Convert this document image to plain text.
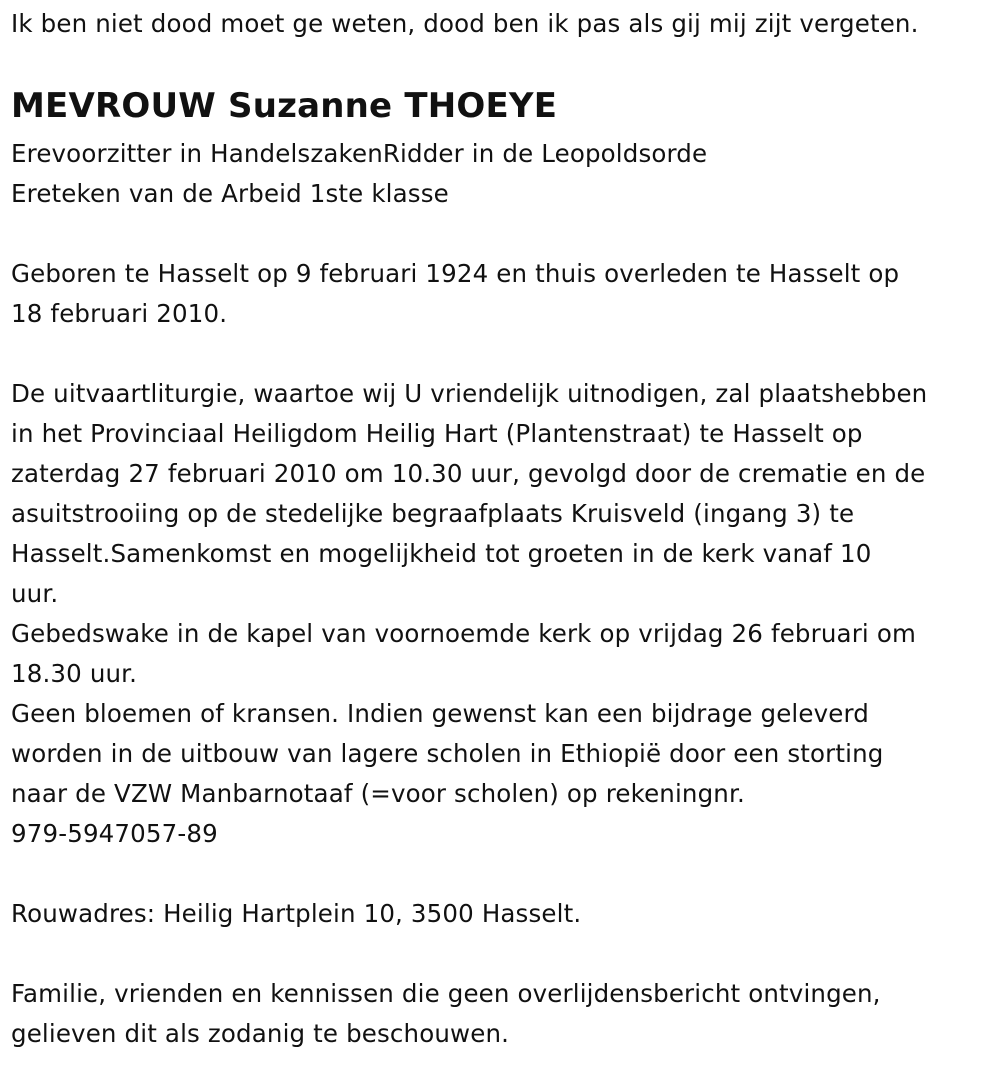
Ik ben niet dood moet ge weten, dood ben ik pas als gij mij zijt vergeten.
MEVROUW Suzanne THOEYE
Erevoorzitter in HandelszakenRidder in de Leopoldsorde
Ereteken van de Arbeid 1ste klasse
Geboren te Hasselt op 9 februari 1924 en thuis overleden te Hasselt op
18 februari 2010.
De uitvaartliturgie, waartoe wij U vriendelijk uitnodigen, zal plaatshebben
in het Provinciaal Heiligdom Heilig Hart (Plantenstraat) te Hasselt op
zaterdag 27 februari 2010 om 10.30 uur, gevolgd door de crematie en de
asuitstrooiing op de stedelijke begraafplaats Kruisveld (ingang 3) te
Hasselt.Samenkomst en mogelijkheid tot groeten in de kerk vanaf 10
uur.
Gebedswake in de kapel van voornoemde kerk op vrijdag 26 februari om
18.30 uur.
Geen bloemen of kransen. Indien gewenst kan een bijdrage geleverd
worden in de uitbouw van lagere scholen in Ethiopië door een storting
naar de VZW Manbarnotaaf (=voor scholen) op rekeningnr.
979-5947057-89
Rouwadres: Heilig Hartplein 10, 3500 Hasselt.
Familie, vrienden en kennissen die geen overlijdensbericht ontvingen,
gelieven dit als zodanig te beschouwen.
